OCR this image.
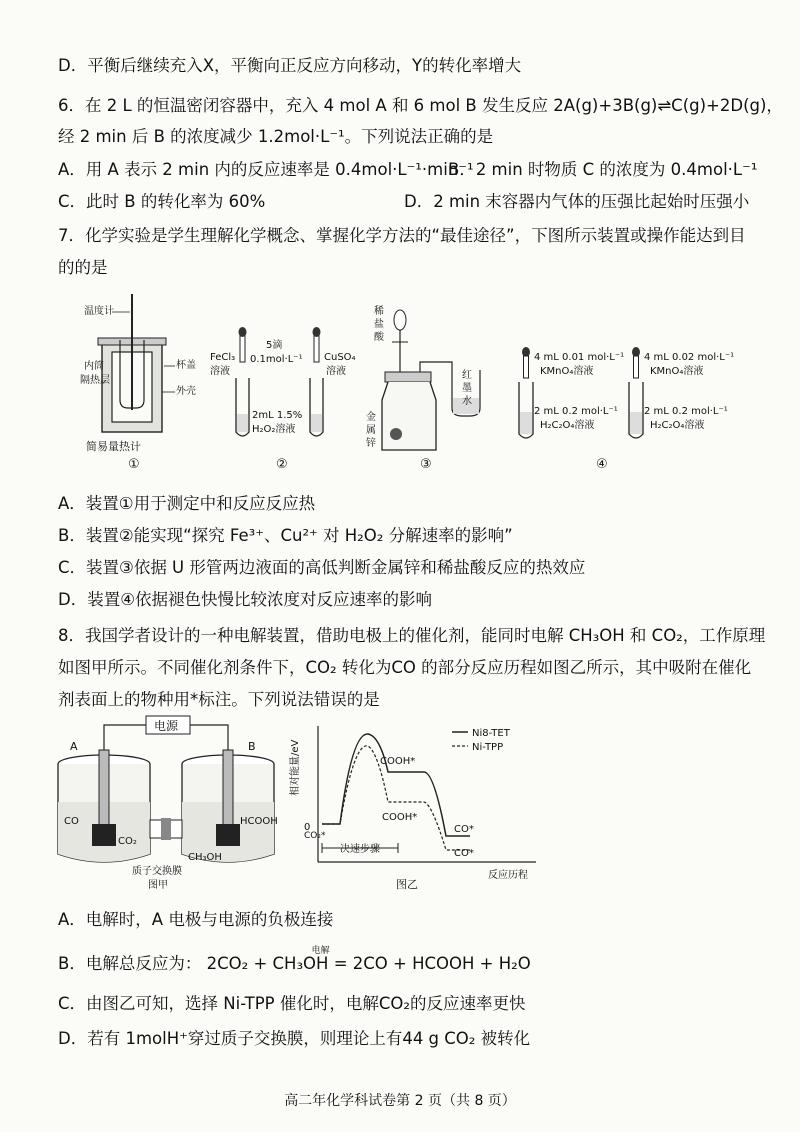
D．平衡后继续充入X，平衡向正反应方向移动，Y的转化率增大
6．在 2 L 的恒温密闭容器中，充入 4 mol A 和 6 mol B 发生反应 2A(g)+3B(g)⇌C(g)+2D(g)，
经 2 min 后 B 的浓度减少 1.2mol·L⁻¹。下列说法正确的是
A．用 A 表示 2 min 内的反应速率是 0.4mol·L⁻¹·min⁻¹
B．2 min 时物质 C 的浓度为 0.4mol·L⁻¹
C．此时 B 的转化率为 60%	D．2 min 末容器内气体的压强比起始时压强小
7．化学实验是学生理解化学概念、掌握化学方法的“最佳途径”，下图所示装置或操作能达到目
的的是
温度计
内筒
隔热层
杯盖
外壳
简易量热计
①
FeCl₃
溶液
5滴
0.1mol·L⁻¹ CuSO₄
溶液
2mL 1.5%
H₂O₂溶液
②
稀
盐
酸
红
墨
水
金
属
锌
③
4 mL 0.01 mol·L⁻¹
KMnO₄溶液
4 mL 0.02 mol·L⁻¹
KMnO₄溶液
2 mL 0.2 mol·L⁻¹
H₂C₂O₄溶液
2 mL 0.2 mol·L⁻¹
H₂C₂O₄溶液
④
A．装置①用于测定中和反应反应热
B．装置②能实现“探究 Fe³⁺、Cu²⁺ 对 H₂O₂ 分解速率的影响”
C．装置③依据 U 形管两边液面的高低判断金属锌和稀盐酸反应的热效应
D．装置④依据褪色快慢比较浓度对反应速率的影响
8．我国学者设计的一种电解装置，借助电极上的催化剂，能同时电解 CH₃OH 和 CO₂，工作原理
如图甲所示。不同催化剂条件下，CO₂ 转化为CO 的部分反应历程如图乙所示，其中吸附在催化
剂表面上的物种用*标注。下列说法错误的是
电源
A	B
CO
CO₂
HCOOH
CH₃OH
质子交换膜
图甲
相对能量/eV
0
决速步骤
CO₂*
COOH*
COOH*
CO*
CO*
Ni8-TET
Ni-TPP
反应历程
图乙
A．电解时，A 电极与电源的负极连接
B．电解总反应为：
电解
2CO₂ + CH₃OH = 2CO + HCOOH + H₂O
C．由图乙可知，选择 Ni-TPP 催化时，电解CO₂的反应速率更快
D．若有 1molH⁺穿过质子交换膜，则理论上有44 g CO₂ 被转化
高二年化学科试卷第 2 页（共 8 页）
